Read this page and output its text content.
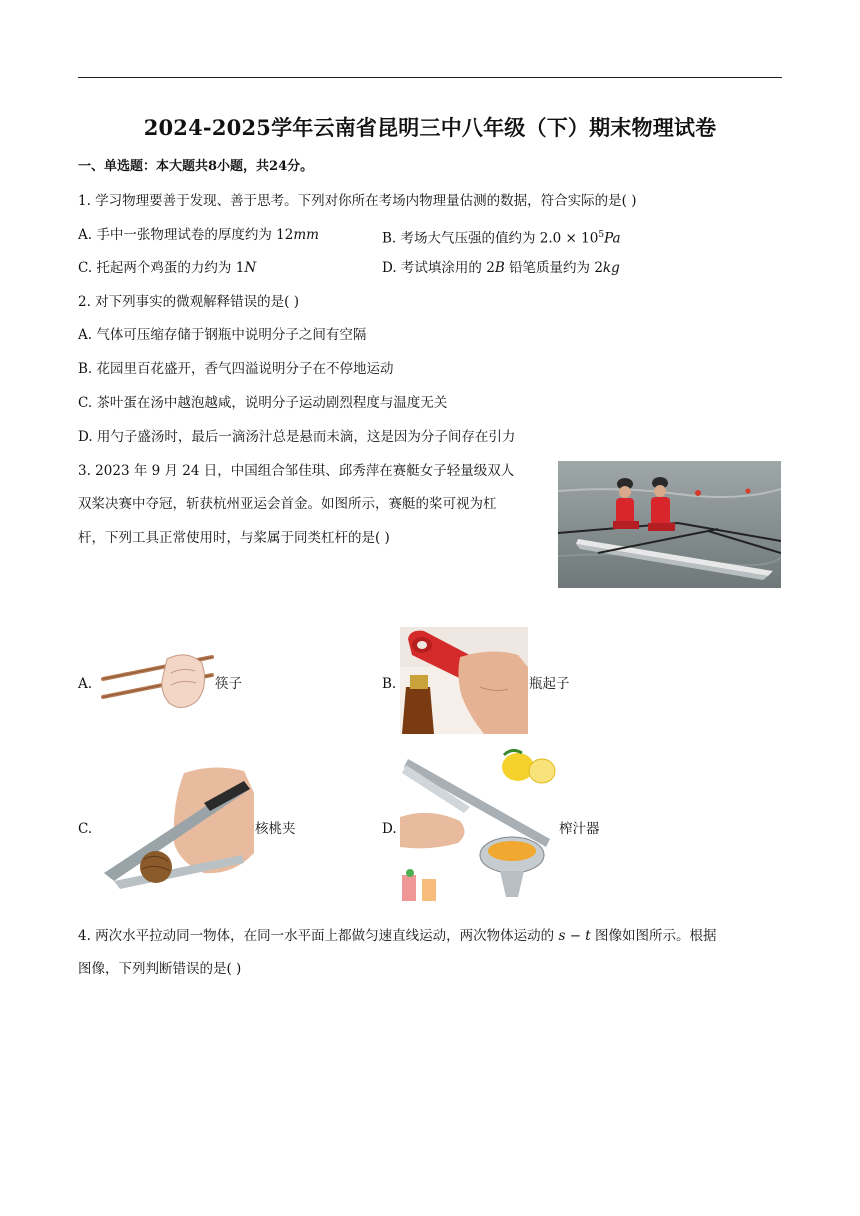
2024-2025学年云南省昆明三中八年级（下）期末物理试卷
一、单选题：本大题共8小题，共24分。
1. 学习物理要善于发现、善于思考。下列对你所在考场内物理量估测的数据，符合实际的是( )
A. 手中一张物理试卷的厚度约为 12mm	B. 考场大气压强的值约为 $2.0 \times 10^5Pa$
C. 托起两个鸡蛋的力约为 1N	D. 考试填涂用的 2B 铅笔质量约为 2kg
2. 对下列事实的微观解释错误的是( )
A. 气体可压缩存储于钢瓶中说明分子之间有空隔
B. 花园里百花盛开，香气四溢说明分子在不停地运动
C. 茶叶蛋在汤中越泡越咸，说明分子运动剧烈程度与温度无关
D. 用勺子盛汤时，最后一滴汤汁总是悬而未滴，这是因为分子间存在引力
3. 2023 年 9 月 24 日，中国组合邹佳琪、邱秀萍在赛艇女子轻量级双人
双桨决赛中夺冠，斩获杭州亚运会首金。如图所示，赛艇的桨可视为杠
杆，下列工具正常使用时，与桨属于同类杠杆的是( )
A.	筷子	B.	瓶起子
C.	核桃夹	D.	榨汁器
4. 两次水平拉动同一物体，在同一水平面上都做匀速直线运动，两次物体运动的 s − t 图像如图所示。根据
图像，下列判断错误的是( )
